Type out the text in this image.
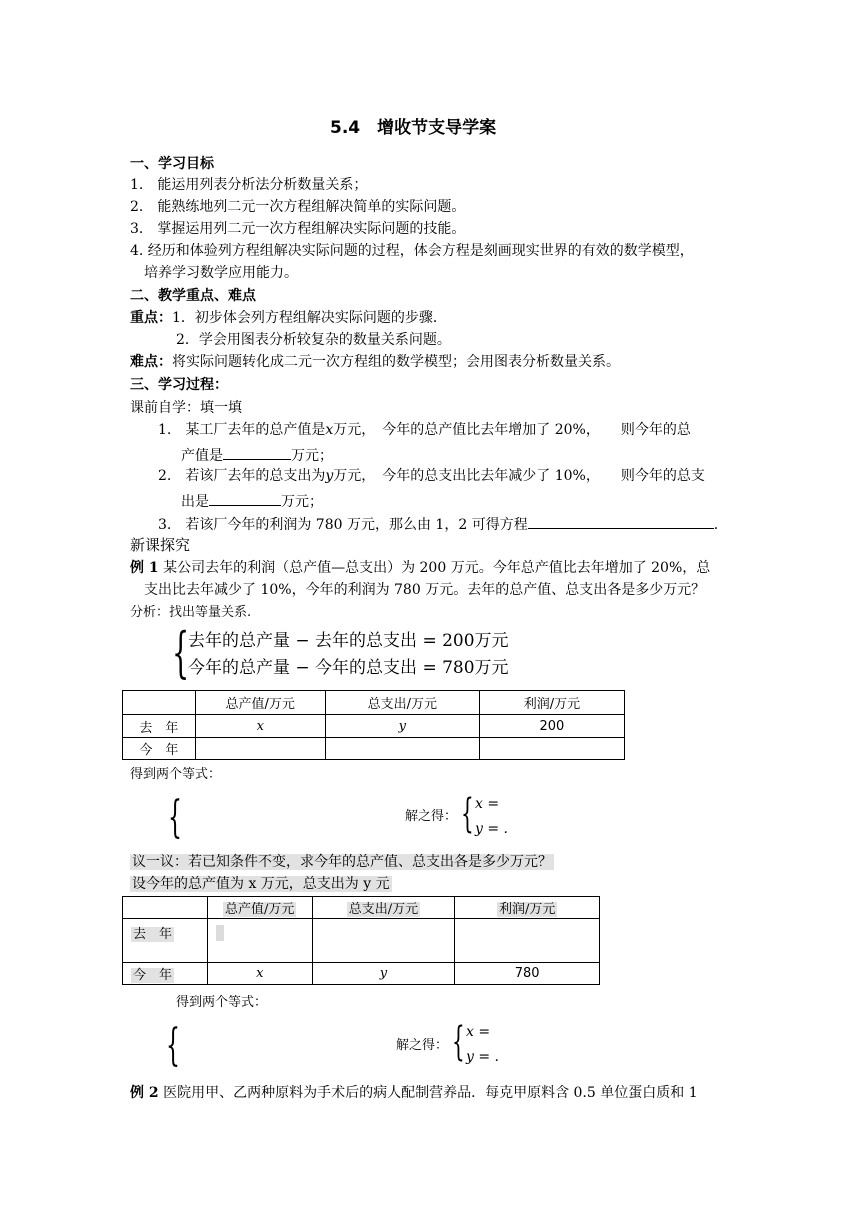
5.4　增收节支导学案
一、学习目标
1． 能运用列表分析法分析数量关系；
2． 能熟练地列二元一次方程组解决简单的实际问题。
3． 掌握运用列二元一次方程组解决实际问题的技能。
4. 经历和体验列方程组解决实际问题的过程，体会方程是刻画现实世界的有效的数学模型，
培养学习数学应用能力。
二、教学重点、难点
重点：1．初步体会列方程组解决实际问题的步骤．
2．学会用图表分析较复杂的数量关系问题。
难点：将实际问题转化成二元一次方程组的数学模型；会用图表分析数量关系。
三、学习过程：
课前自学：填一填
1.　某工厂去年的总产值是x万元，　今年的总产值比去年增加了 20%，　　则今年的总
产值是	万元；
2.　若该厂去年的总支出为y万元，　今年的总支出比去年减少了 10%，　　则今年的总支
出是	万元；
3.　若该厂今年的利润为 780 万元，那么由 1，2 可得方程	．
新课探究
例 1 某公司去年的利润（总产值—总支出）为 200 万元。今年总产值比去年增加了 20%，总
支出比去年减少了 10%，今年的利润为 780 万元。去年的总产值、总支出各是多少万元？
分析：找出等量关系.
{
去年的总产量 − 去年的总支出 = 200万元
今年的总产量 − 今年的总支出 = 780万元
	总产值/万元	总支出/万元	利润/万元
去　年	x	y	200
今　年			
得到两个等式：
{	解之得： { x =
y = .
议一议：若已知条件不变，求今年的总产值、总支出各是多少万元？
设今年的总产值为 x 万元，总支出为 y 元
	总产值/万元	总支出/万元	利润/万元
去　年			
今　年	x	y	780
得到两个等式：
{	解之得： { x =
y = .
例 2 医院用甲、乙两种原料为手术后的病人配制营养品．每克甲原料含 0.5 单位蛋白质和 1
